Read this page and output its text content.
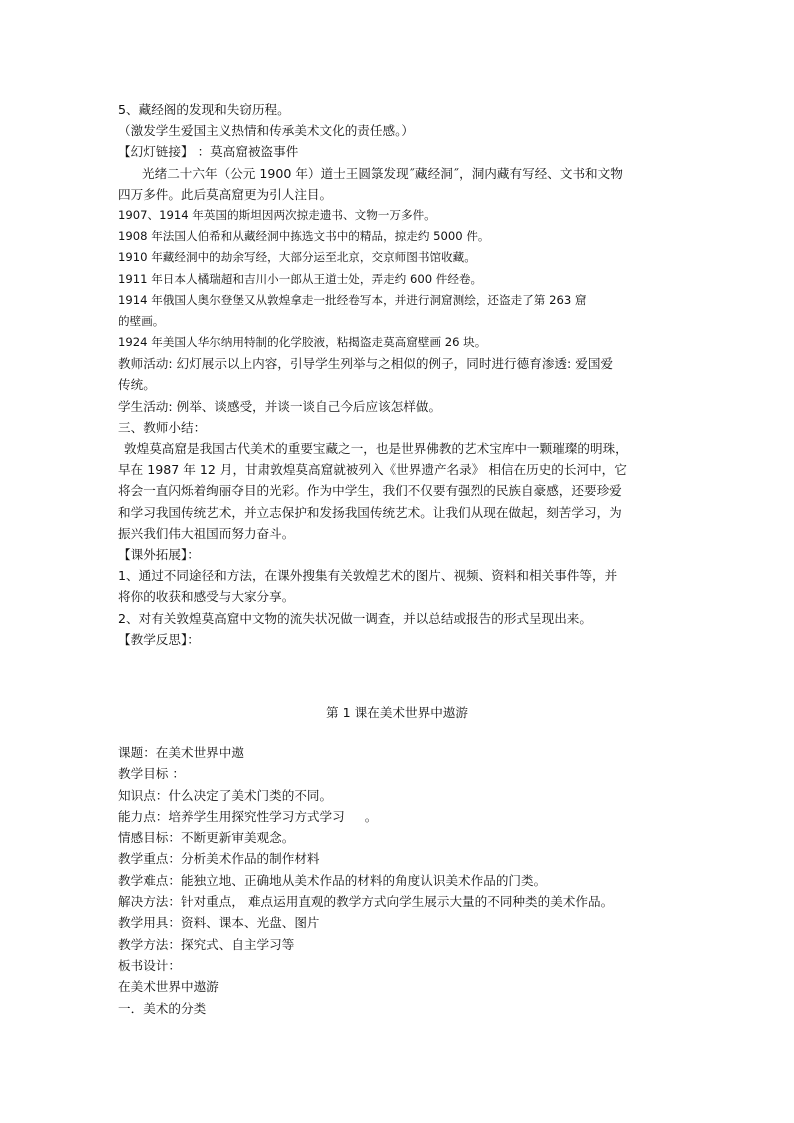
5、藏经阁的发现和失窃历程。
（激发学生爱国主义热情和传承美术文化的责任感。）
【幻灯链接】 ：莫高窟被盗事件
光绪二十六年（公元 1900 年）道士王圆箓发现˝藏经洞˝，洞内藏有写经、文书和文物
四万多件。此后莫高窟更为引人注目。
1907、1914 年英国的斯坦因两次掠走遗书、文物一万多件。
1908 年法国人伯希和从藏经洞中拣选文书中的精品，掠走约 5000 件。
1910 年藏经洞中的劫余写经，大部分运至北京，交京师图书馆收藏。
1911 年日本人橘瑞超和吉川小一郎从王道士处，弄走约 600 件经卷。
1914 年俄国人奥尔登堡又从敦煌拿走一批经卷写本，并进行洞窟测绘，还盗走了第 263 窟
的壁画。
1924 年美国人华尔纳用特制的化学胶液，粘揭盗走莫高窟壁画 26 块。
教师活动: 幻灯展示以上内容，引导学生列举与之相似的例子，同时进行德育渗透: 爱国爱
传统。
学生活动: 例举、谈感受，并谈一谈自己今后应该怎样做。
三、教师小结：
敦煌莫高窟是我国古代美术的重要宝藏之一，也是世界佛教的艺术宝库中一颗璀璨的明珠，
早在 1987 年 12 月，甘肃敦煌莫高窟就被列入《世界遗产名录》 相信在历史的长河中，它
将会一直闪烁着绚丽夺目的光彩。作为中学生，我们不仅要有强烈的民族自豪感，还要珍爱
和学习我国传统艺术，并立志保护和发扬我国传统艺术。让我们从现在做起，刻苦学习，为
振兴我们伟大祖国而努力奋斗。
【课外拓展】：
1、通过不同途径和方法，在课外搜集有关敦煌艺术的图片、视频、资料和相关事件等，并
将你的收获和感受与大家分享。
2、对有关敦煌莫高窟中文物的流失状况做一调查，并以总结或报告的形式呈现出来。
【教学反思】：
第 1 课在美术世界中遨游
课题：在美术世界中遨
教学目标 ：
知识点：什么决定了美术门类的不同。
能力点：培养学生用探究性学习方式学习     。
情感目标：不断更新审美观念。
教学重点：分析美术作品的制作材料
教学难点：能独立地、正确地从美术作品的材料的角度认识美术作品的门类。
解决方法：针对重点， 难点运用直观的教学方式向学生展示大量的不同种类的美术作品。
教学用具：资料、课本、光盘、图片
教学方法：探究式、自主学习等
板书设计：
在美术世界中遨游
一．美术的分类
